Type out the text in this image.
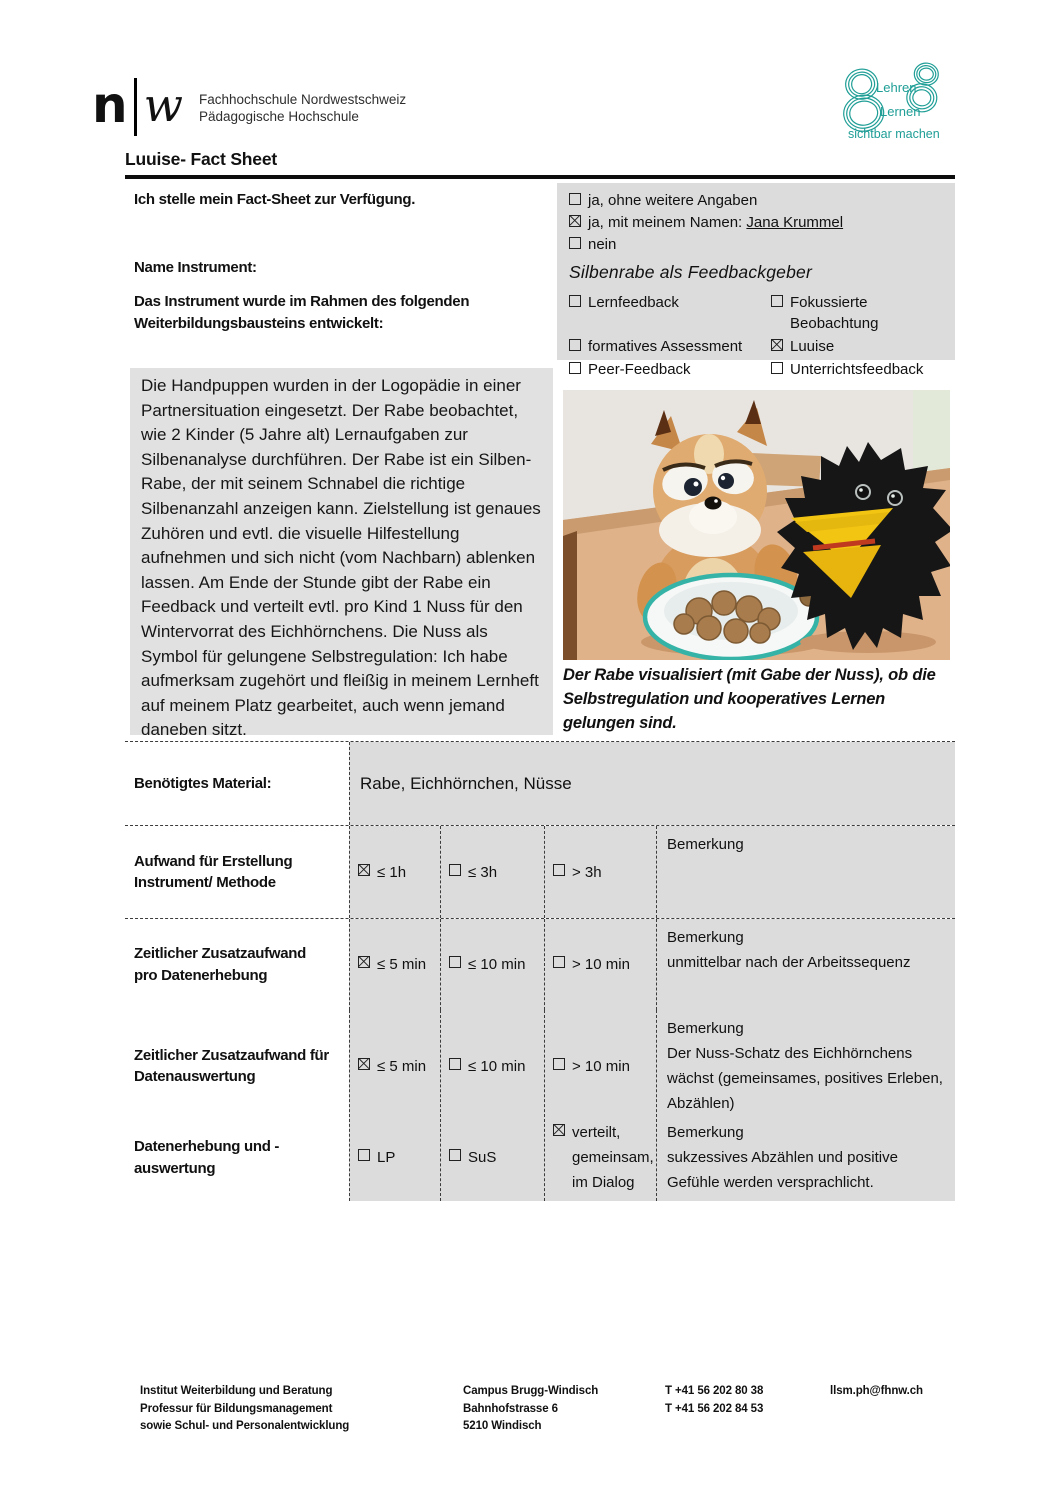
n w Fachhochschule Nordwestschweiz
Pädagogische Hochschule
Lehren
Lernen
sichtbar machen
Luuise- Fact Sheet
Ich stelle mein Fact-Sheet zur Verfügung.
Name Instrument:
Das Instrument wurde im Rahmen des folgenden Weiterbildungsbausteins entwickelt:
ja, ohne weitere Angaben
ja, mit meinem Namen: Jana Krummel
nein
Silbenrabe als Feedbackgeber
Lernfeedback	Fokussierte Beobachtung
formatives Assessment	Luuise
Peer-Feedback	Unterrichtsfeedback
Die Handpuppen wurden in der Logopädie in einer Partnersituation eingesetzt. Der Rabe beobachtet, wie 2 Kinder (5 Jahre alt) Lernaufgaben zur Silbenanalyse durchführen. Der Rabe ist ein Silben-Rabe, der mit seinem Schnabel die richtige Silbenanzahl anzeigen kann. Zielstellung ist genaues Zuhören und evtl. die visuelle Hilfestellung aufnehmen und sich nicht (vom Nachbarn) ablenken lassen. Am Ende der Stunde gibt der Rabe ein Feedback und verteilt evtl. pro Kind 1 Nuss für den Wintervorrat des Eichhörnchens. Die Nuss als Symbol für gelungene Selbstregulation: Ich habe aufmerksam zugehört und fleißig in meinem Lernheft auf meinem Platz gearbeitet, auch wenn jemand daneben sitzt.
Der Rabe visualisiert (mit Gabe der Nuss), ob die Selbstregulation und kooperatives Lernen gelungen sind.
Benötigtes Material:	Rabe, Eichhörnchen, Nüsse
Aufwand für Erstellung Instrument/ Methode
≤ 1h	≤ 3h	> 3h
Bemerkung
Zeitlicher Zusatzaufwand pro Datenerhebung
≤ 5 min	≤ 10 min	> 10 min
Bemerkung
unmittelbar nach der Arbeitssequenz
Zeitlicher Zusatzaufwand für Datenauswertung
≤ 5 min	≤ 10 min	> 10 min
Bemerkung
Der Nuss-Schatz des Eichhörnchens wächst (gemeinsames, positives Erleben, Abzählen)
Datenerhebung und -auswertung
LP	SuS
verteilt, gemeinsam, im Dialog
Bemerkung
sukzessives Abzählen und positive Gefühle werden versprachlicht.
Institut Weiterbildung und Beratung
Professur für Bildungsmanagement
sowie Schul- und Personalentwicklung
Campus Brugg-Windisch
Bahnhofstrasse 6
5210 Windisch
T +41 56 202 80 38
T +41 56 202 84 53
llsm.ph@fhnw.ch
